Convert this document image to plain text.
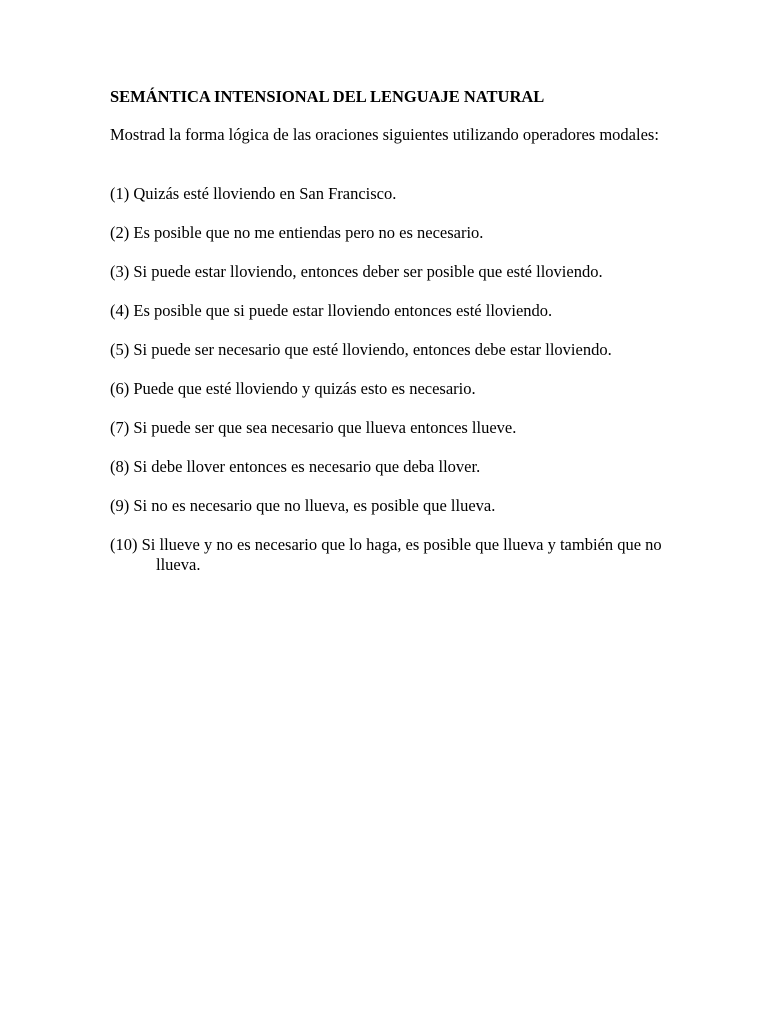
SEMÁNTICA INTENSIONAL DEL LENGUAJE NATURAL
Mostrad la forma lógica de las oraciones siguientes utilizando operadores modales:
(1) Quizás esté lloviendo en San Francisco.
(2) Es posible que no me entiendas pero no es necesario.
(3) Si puede estar lloviendo, entonces deber ser posible que esté lloviendo.
(4) Es posible que si puede estar lloviendo entonces esté lloviendo.
(5) Si puede ser necesario que esté lloviendo, entonces debe estar lloviendo.
(6) Puede que esté lloviendo y quizás esto es necesario.
(7) Si puede ser que sea necesario que llueva entonces llueve.
(8) Si debe llover entonces es necesario que deba llover.
(9) Si no es necesario que no llueva, es posible que llueva.
(10) Si llueve y no es necesario que lo haga, es posible que llueva y también que no llueva.
